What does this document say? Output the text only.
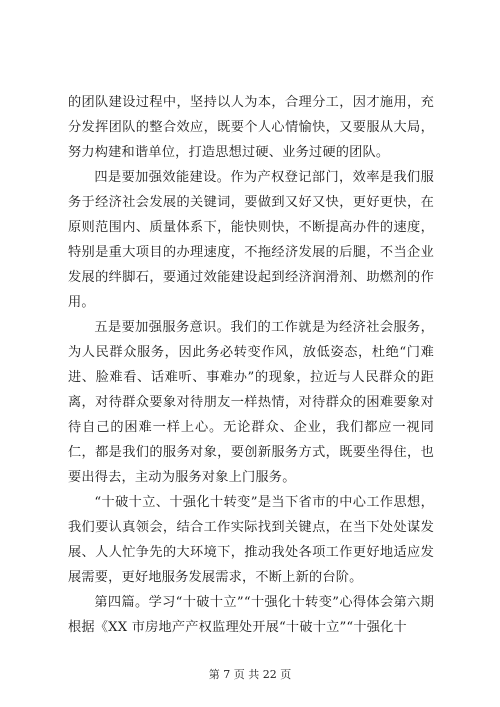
的团队建设过程中，坚持以人为本，合理分工，因才施用，充分发挥团队的整合效应，既要个人心情愉快，又要服从大局，努力构建和谐单位，打造思想过硬、业务过硬的团队。

四是要加强效能建设。作为产权登记部门，效率是我们服务于经济社会发展的关键词，要做到又好又快，更好更快，在原则范围内、质量体系下，能快则快，不断提高办件的速度，特别是重大项目的办理速度，不拖经济发展的后腿，不当企业发展的绊脚石，要通过效能建设起到经济润滑剂、助燃剂的作用。

五是要加强服务意识。我们的工作就是为经济社会服务，为人民群众服务，因此务必转变作风，放低姿态，杜绝“门难进、脸难看、话难听、事难办”的现象，拉近与人民群众的距离，对待群众要象对待朋友一样热情，对待群众的困难要象对待自己的困难一样上心。无论群众、企业，我们都应一视同仁，都是我们的服务对象，要创新服务方式，既要坐得住，也要出得去，主动为服务对象上门服务。

“十破十立、十强化十转变”是当下省市的中心工作思想，我们要认真领会，结合工作实际找到关键点，在当下处处谋发展、人人忙争先的大环境下，推动我处各项工作更好地适应发展需要，更好地服务发展需求，不断上新的台阶。

第四篇。学习“十破十立”“十强化十转变”心得体会第六期根据《XX 市房地产产权监理处开展“十破十立”“十强化十

第 7 页 共 22 页
